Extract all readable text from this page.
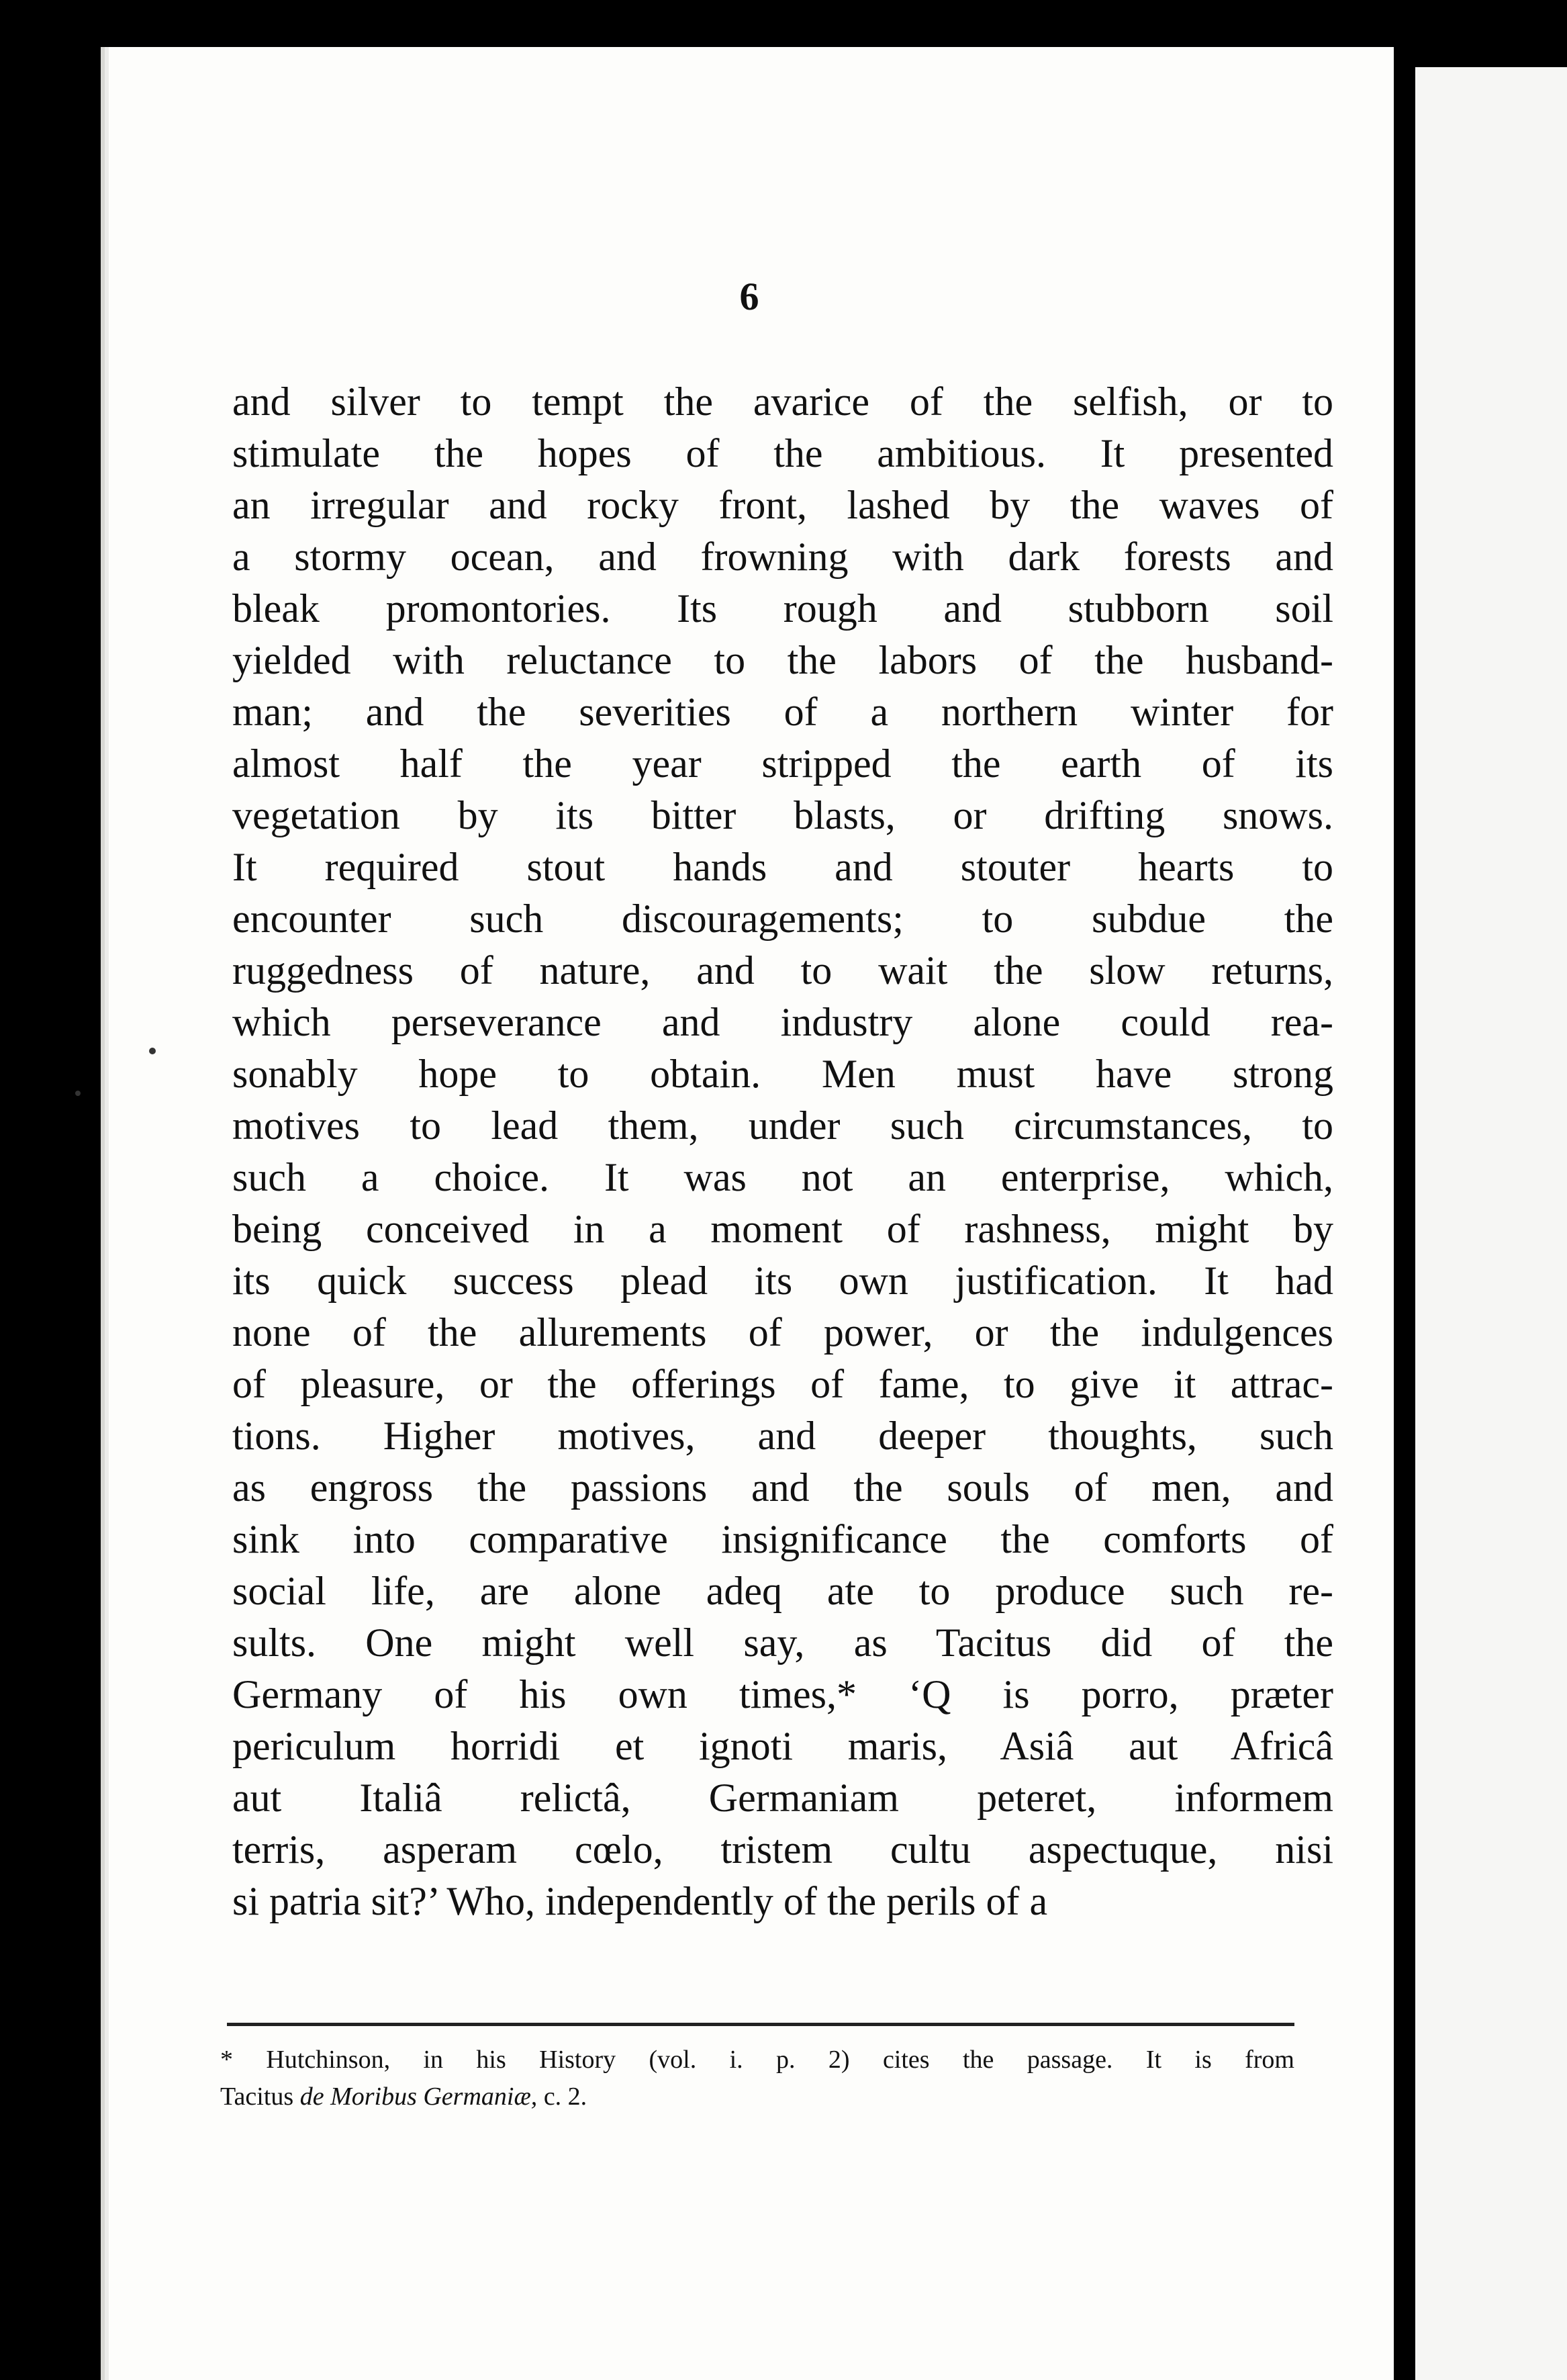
6
and silver to tempt the avarice of the selfish, or to
stimulate the hopes of the ambitious. It presented
an irregular and rocky front, lashed by the waves of
a stormy ocean, and frowning with dark forests and
bleak promontories. Its rough and stubborn soil
yielded with reluctance to the labors of the husband-
man; and the severities of a northern winter for
almost half the year stripped the earth of its
vegetation by its bitter blasts, or drifting snows.
It required stout hands and stouter hearts to
encounter such discouragements; to subdue the
ruggedness of nature, and to wait the slow returns,
which perseverance and industry alone could rea-
sonably hope to obtain. Men must have strong
motives to lead them, under such circumstances, to
such a choice. It was not an enterprise, which,
being conceived in a moment of rashness, might by
its quick success plead its own justification. It had
none of the allurements of power, or the indulgences
of pleasure, or the offerings of fame, to give it attrac-
tions. Higher motives, and deeper thoughts, such
as engross the passions and the souls of men, and
sink into comparative insignificance the comforts of
social life, are alone adeq ate to produce such re-
sults. One might well say, as Tacitus did of the
Germany of his own times,* ‘Q is porro, præter
periculum horridi et ignoti maris, Asiâ aut Africâ
aut Italiâ relictâ, Germaniam peteret, informem
terris, asperam cœlo, tristem cultu aspectuque, nisi
si patria sit?’ Who, independently of the perils of a
* Hutchinson, in his History (vol. i. p. 2) cites the passage. It is from
Tacitus de Moribus Germaniæ, c. 2.
